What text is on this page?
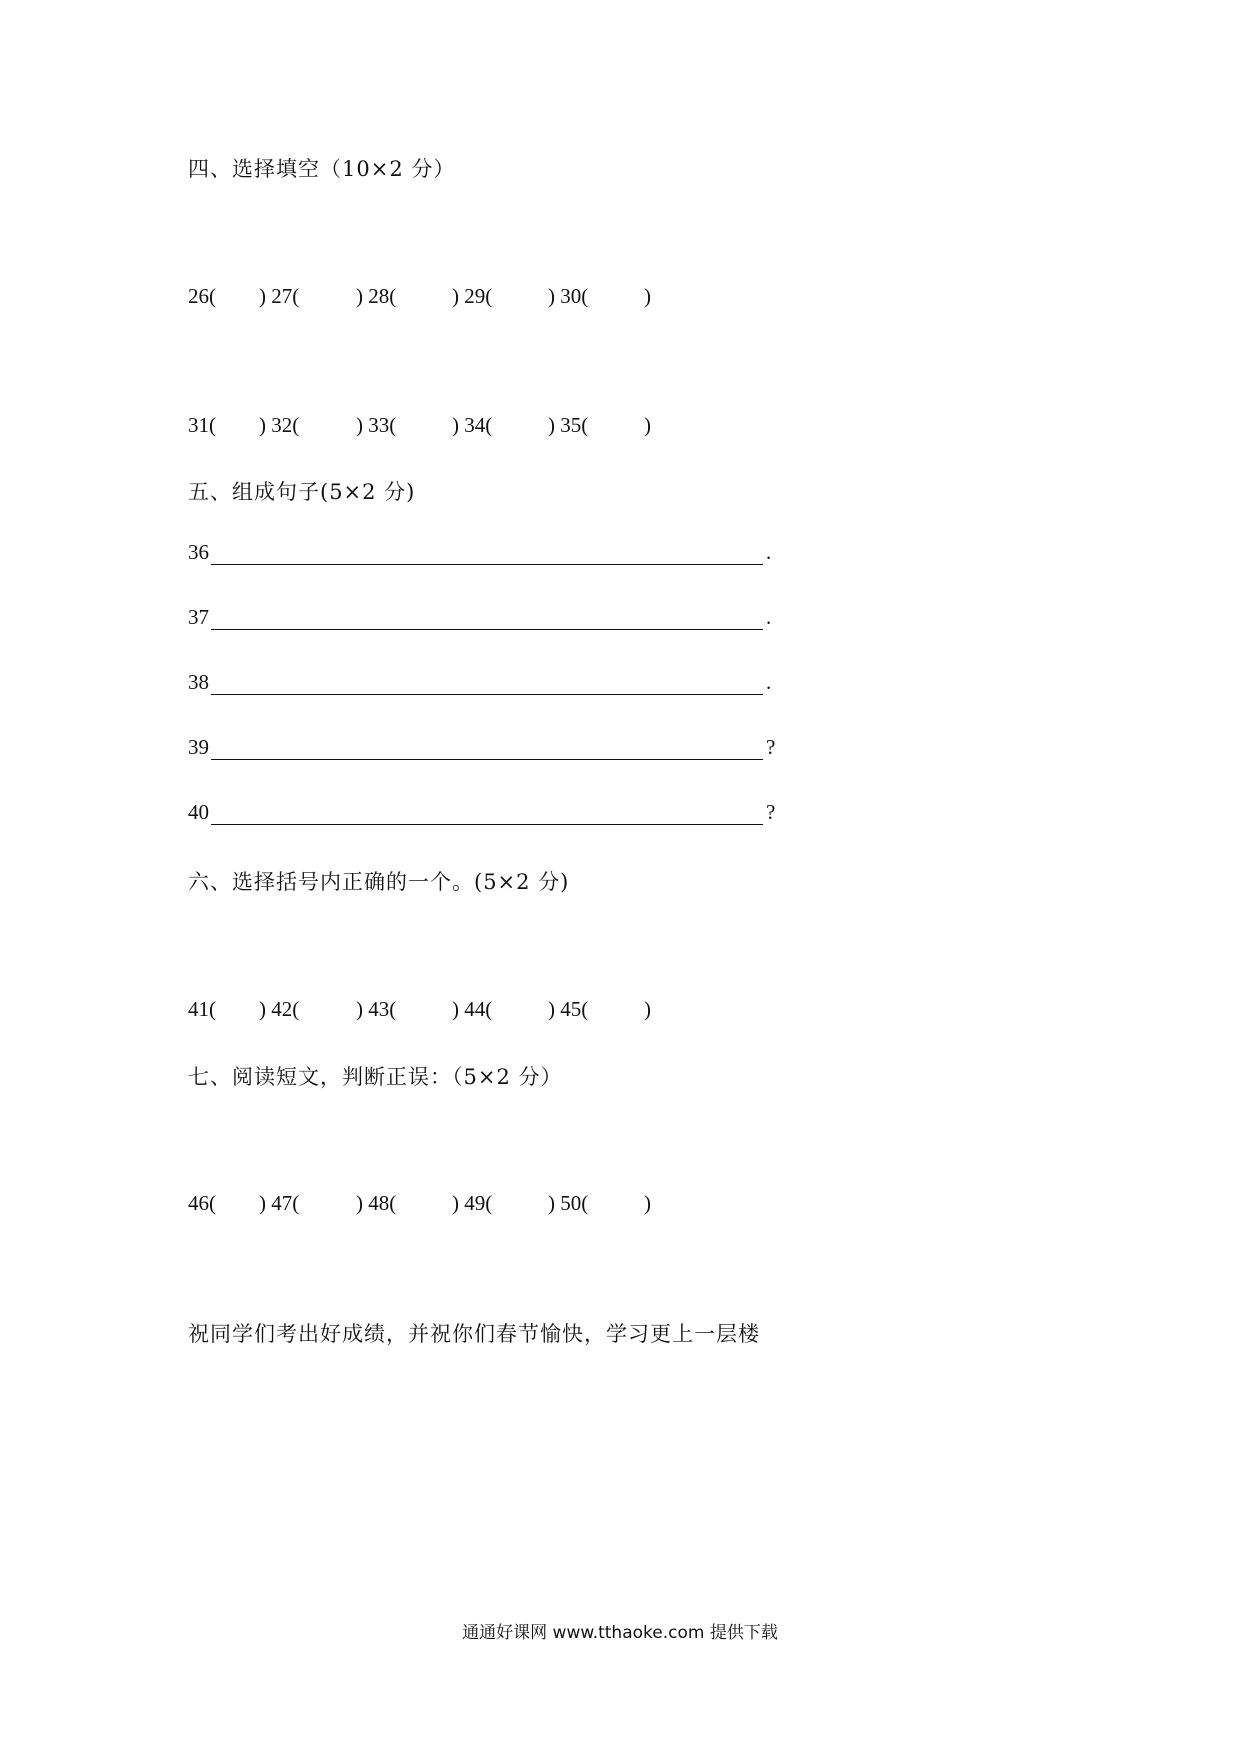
四、选择填空（10×2 分）
26( ) 27(	) 28(	) 29(	) 30(	)
31( ) 32(	) 33(	) 34(	) 35(	)
五、组成句子(5×2 分)
36	.
37	.
38	.
39	?
40	?
六、选择括号内正确的一个。(5×2 分)
41( ) 42(	) 43(	) 44(	) 45(	)
七、阅读短文，判断正误：（5×2 分）
46( ) 47(	) 48(	) 49(	) 50(	)
祝同学们考出好成绩，并祝你们春节愉快，学习更上一层楼
通通好课网 www.tthaoke.com 提供下载
